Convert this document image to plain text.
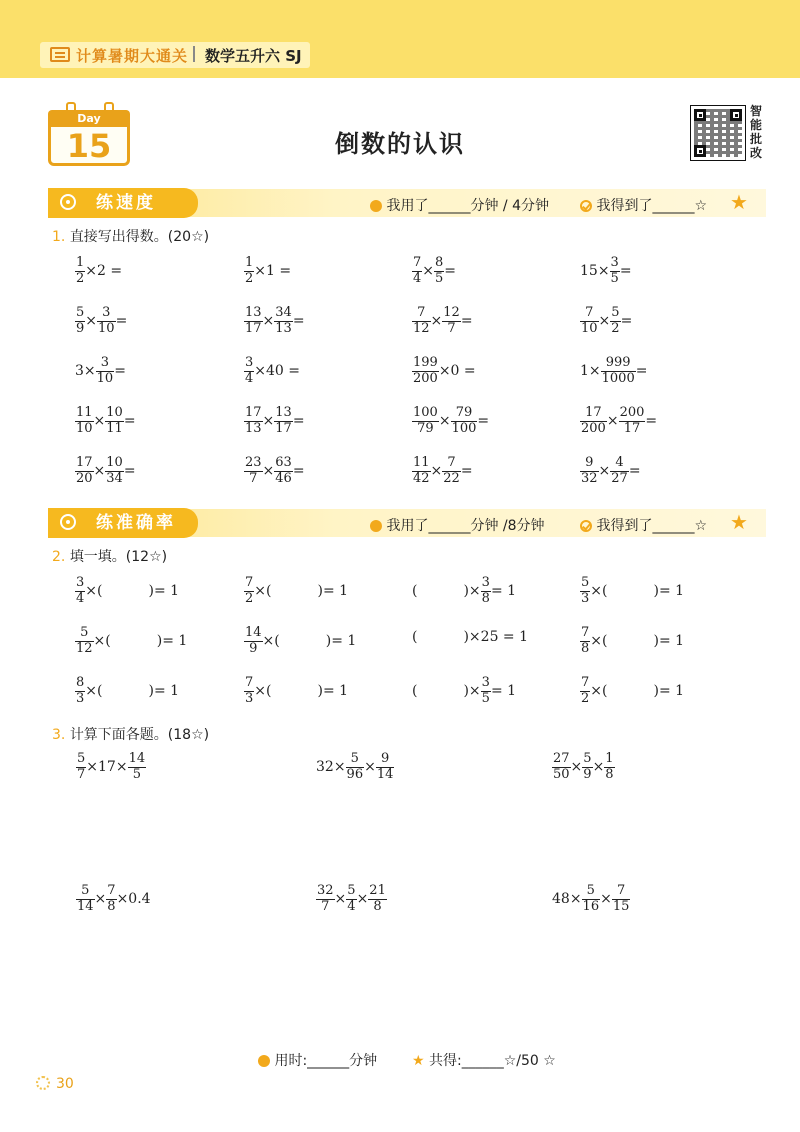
计算暑期大通关 数学五升六 SJ
Day
15	倒数的认识
智
能
批
改
练速度	我用了______分钟 / 4分钟	我得到了______☆ ★
1. 直接写出得数。(20☆)
$\frac{1}{2} \times 2$ =	$\frac{1}{2} \times 1$ =	$\frac{7}{4} \times \frac{8}{5}$ =	$15\times \frac{3}{5}$ =
$\frac{5}{9} \times \frac{3}{10}$ =	$\frac{13}{17} \times \frac{34}{13}$ =	$\frac{7}{12} \times \frac{12}{7}$ =	$\frac{7}{10} \times \frac{5}{2}$ =
$3\times \frac{3}{10}$ =	$\frac{3}{4} \times 40$ =	$\frac{199}{200} \times 0$ =	$1\times \frac{999}{1000}$ =
$\frac{11}{10} \times \frac{10}{11}$ =	$\frac{17}{13} \times \frac{13}{17}$ =	$\frac{100}{79} \times \frac{79}{100}$ =	$\frac{17}{200} \times \frac{200}{17}$ =
$\frac{17}{20} \times \frac{10}{34}$ =	$\frac{23}{7} \times \frac{63}{46}$ =	$\frac{11}{42} \times \frac{7}{22}$ =	$\frac{9}{32} \times \frac{4}{27}$ =
练准确率	我用了______分钟 /8分钟	我得到了______☆ ★
2. 填一填。(12☆)
$\frac{3}{4}$ ×(	)= 1	$\frac{7}{2}$ ×(	)= 1	(	)× $\frac{3}{8} = 1$	$\frac{5}{3}$ ×(	)= 1
$\frac{5}{12}$ ×(	)= 1	$\frac{14}{9}$ ×(	)= 1	(	)×25 = 1	$\frac{7}{8}$ ×(	)= 1
$\frac{8}{3}$ ×(	)= 1	$\frac{7}{3}$ ×(	)= 1	(	)× $\frac{3}{5} = 1$	$\frac{7}{2}$ ×(	)= 1
3. 计算下面各题。(18☆)
$\frac{5}{7} \times 17\times \frac{14}{5}$	$32\times \frac{5}{96} \times \frac{9}{14}$	$\frac{27}{50} \times \frac{5}{9} \times \frac{1}{8}$
$\frac{5}{14} \times \frac{7}{8} \times 0.4$	$\frac{32}{7} \times \frac{5}{4} \times \frac{21}{8}$	$48\times \frac{5}{16} \times \frac{7}{15}$
用时:______分钟 ★ 共得:______☆/50 ☆
30
